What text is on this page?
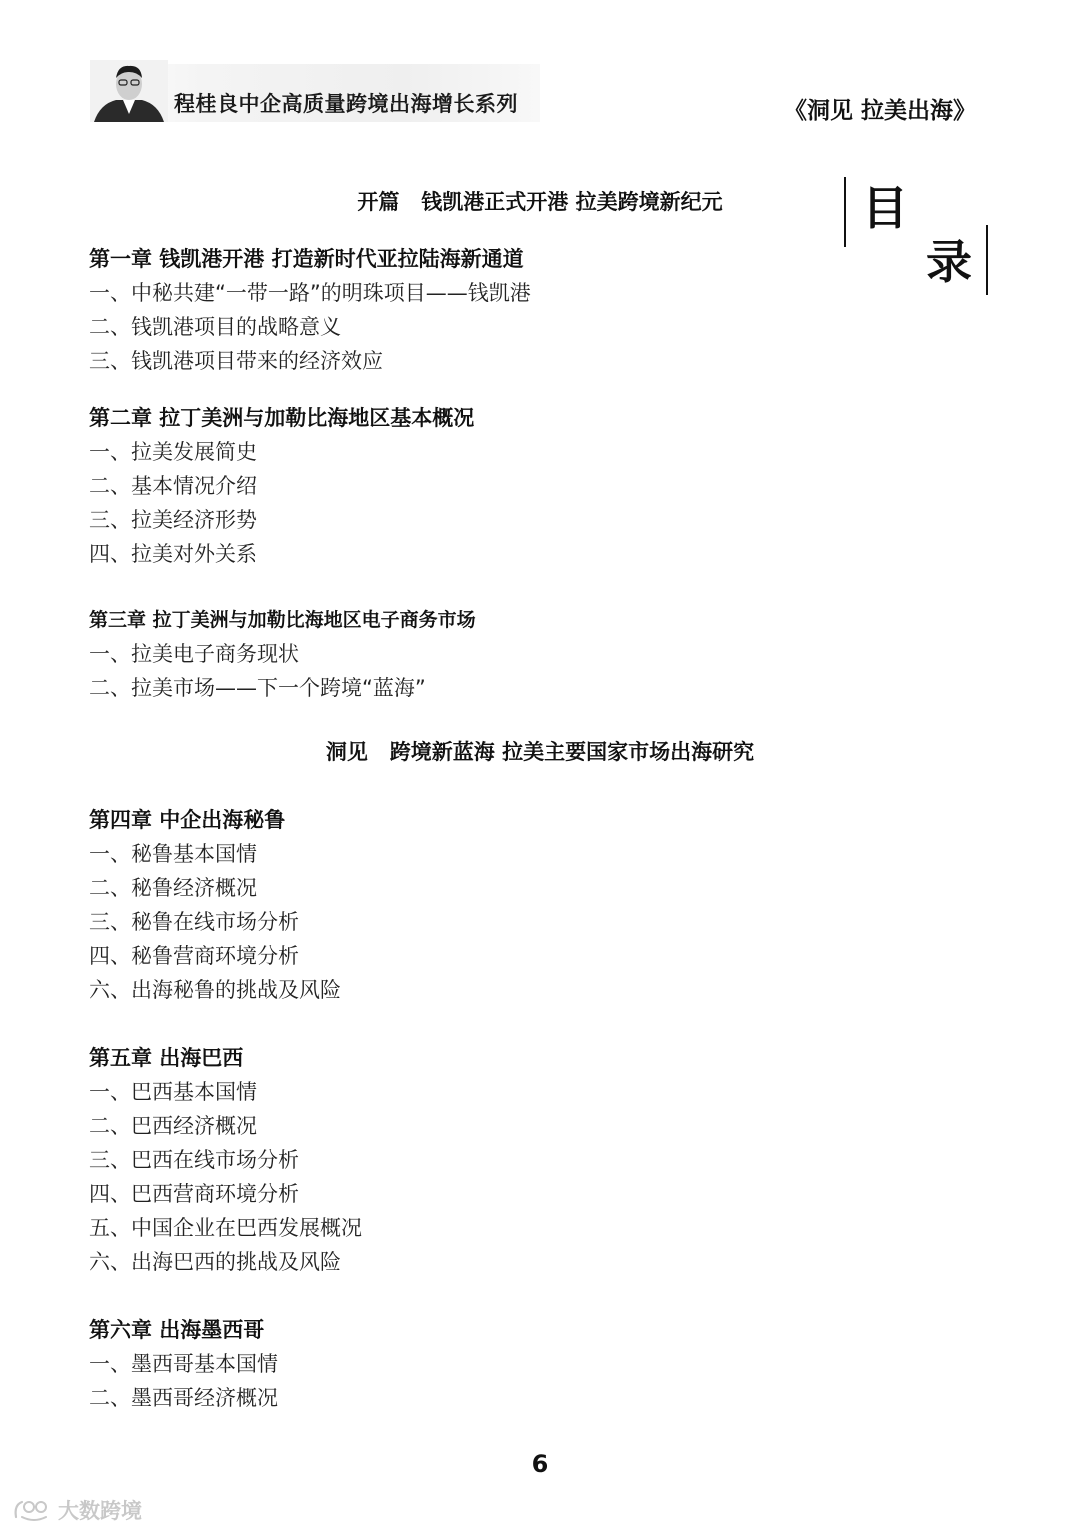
程桂良中企高质量跨境出海增长系列	《洞见 拉美出海》
目
录
开篇   钱凯港正式开港 拉美跨境新纪元
第一章 钱凯港开港 打造新时代亚拉陆海新通道
一、中秘共建“一带一路”的明珠项目——钱凯港
二、钱凯港项目的战略意义
三、钱凯港项目带来的经济效应
第二章 拉丁美洲与加勒比海地区基本概况
一、拉美发展简史
二、基本情况介绍
三、拉美经济形势
四、拉美对外关系
第三章 拉丁美洲与加勒比海地区电子商务市场
一、拉美电子商务现状
二、拉美市场——下一个跨境“蓝海”
洞见   跨境新蓝海 拉美主要国家市场出海研究
第四章 中企出海秘鲁
一、秘鲁基本国情
二、秘鲁经济概况
三、秘鲁在线市场分析
四、秘鲁营商环境分析
六、出海秘鲁的挑战及风险
第五章 出海巴西
一、巴西基本国情
二、巴西经济概况
三、巴西在线市场分析
四、巴西营商环境分析
五、中国企业在巴西发展概况
六、出海巴西的挑战及风险
第六章 出海墨西哥
一、墨西哥基本国情
二、墨西哥经济概况
6
大数跨境
